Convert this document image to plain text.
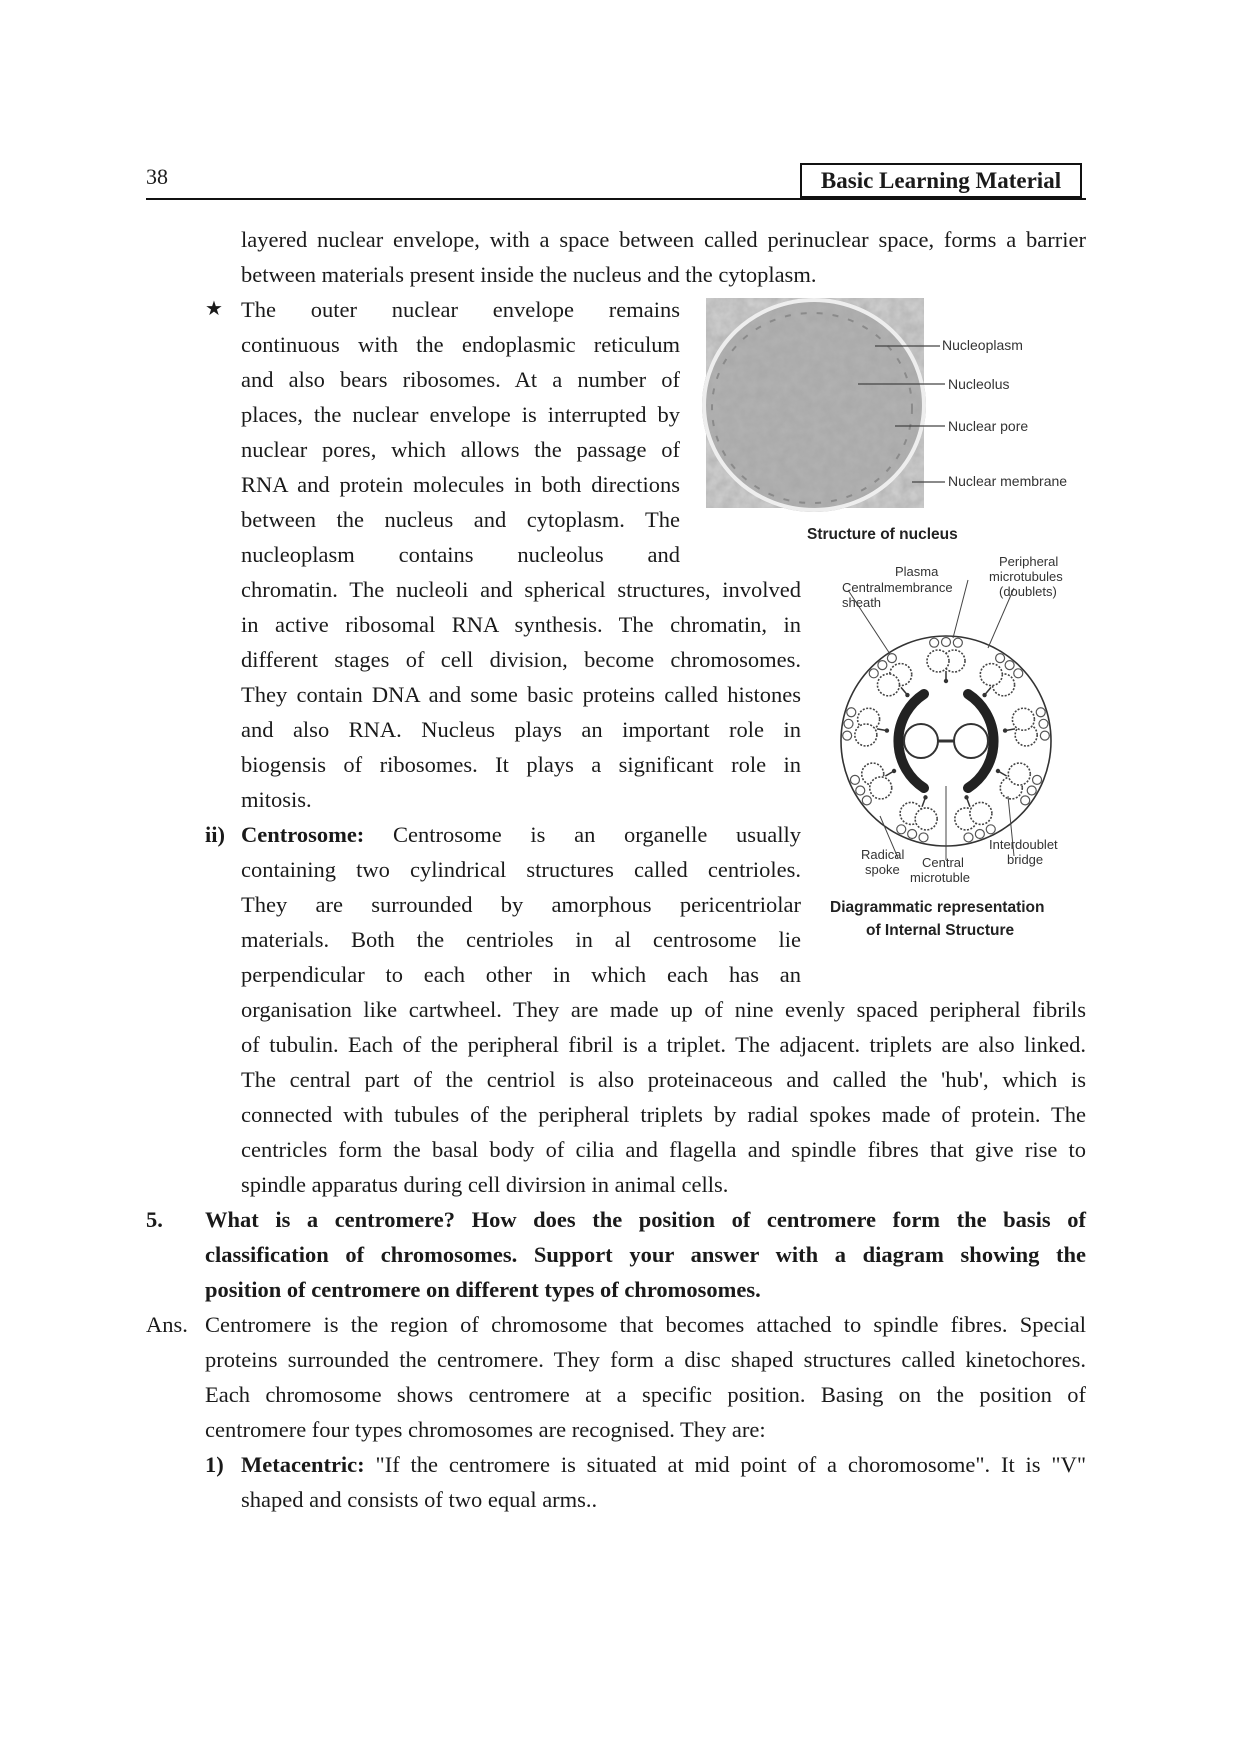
38	Basic Learning Material
layered nuclear envelope, with a space between called perinuclear space, forms a barrier
between materials present inside the nucleus and the cytoplasm.
★ The outer nuclear envelope remains
continuous with the endoplasmic reticulum
and also bears ribosomes. At a number of
places, the nuclear envelope is interrupted by
nuclear pores, which allows the passage of
RNA and protein molecules in both directions
between the nucleus and cytoplasm. The
nucleoplasm contains nucleolus and
chromatin. The nucleoli and spherical structures, involved
in active ribosomal RNA synthesis. The chromatin, in
different stages of cell division, become chromosomes.
They contain DNA and some basic proteins called histones
and also RNA. Nucleus plays an important role in
biogensis of ribosomes. It plays a significant role in
mitosis.
ii) Centrosome: Centrosome is an organelle usually
containing two cylindrical structures called centrioles.
They are surrounded by amorphous pericentriolar
materials. Both the centrioles in al centrosome lie
perpendicular to each other in which each has an
organisation like cartwheel. They are made up of nine evenly spaced peripheral fibrils
of tubulin. Each of the peripheral fibril is a triplet. The adjacent. triplets are also linked.
The central part of the centriol is also proteinaceous and called the 'hub', which is
connected with tubules of the peripheral triplets by radial spokes made of protein. The
centricles form the basal body of cilia and flagella and spindle fibres that give rise to
spindle apparatus during cell divirsion in animal cells.
5. What is a centromere? How does the position of centromere form the basis of
classification of chromosomes. Support your answer with a diagram showing the
position of centromere on different types of chromosomes.
Ans. Centromere is the region of chromosome that becomes attached to spindle fibres. Special
proteins surrounded the centromere. They form a disc shaped structures called kinetochores.
Each chromosome shows centromere at a specific position. Basing on the position of
centromere four types chromosomes are recognised. They are:
1) Metacentric: "If the centromere is situated at mid point of a choromosome". It is "V"
shaped and consists of two equal arms..
Nucleoplasm
Nucleolus
Nuclear pore
Nuclear membrane
Structure of nucleus
Plasma
Centralmembrance
sheath
Peripheral
microtubules
(doublets)
Radical
spoke Central
microtuble
Interdoublet
bridge
Diagrammatic representation
of Internal Structure
